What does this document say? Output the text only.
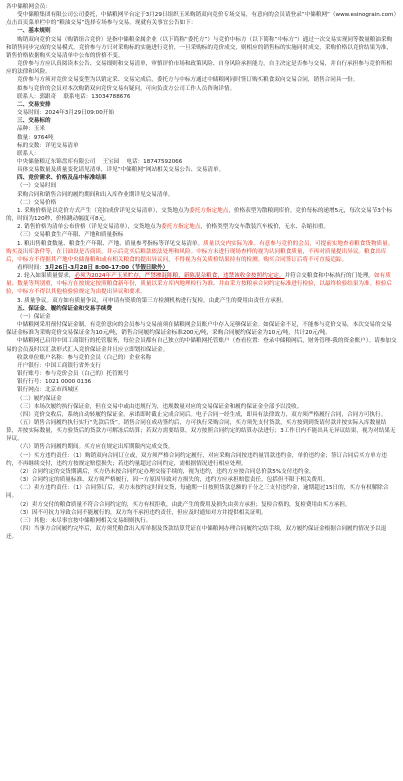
各中储粮网会员：

受中储粮集团有限公司公司委托，中储粮网平台定于3月29日组织玉米购销双向竞价专场交易，有意向的会员请登录“中储粮网”（www.esinograin.com）点击首页菜单栏中的“粮油交易”选择专场参与交易。现就有关事宜公告如下：

一、基本规则

购销双向竞价交易（购销组合竞价）是指中储粮金属企业（以下简称“委托方”）与竞价中标方（以下简称“中标方”）通过一次交易实现同等数量粮油采购和销售同步完成的交易模式。竞价参与方只对采购标的实施进行竞价，一旦采购标的竞价成交，则相应的销售标的实施同时成交，采购价格以竞价结果为准，销售价格依据购买交易清单中公布的价格不变。

竞价参与方应认真阅读本公告、交易细则和交易清单，审慎评价市场和政策风险、自身风险承担能力，自主决定是否参与交易，并自行承担参与竞价所相应的法律和风险。

竞价参与方须对竞价交易变型为以销定采、交易完成后，委托方与中标方通过中储粮网同时签订购买粮食双向交易合同，销售合同具一份。

拟参与竞价的会员对本次购销双向竞价交易有疑问，可向负责方公司工作人员咨询详情。

联系人：郭跟奇 联系电话：13034788676

二、交易安排

交易时间：2024年3月29日09:00开始

三、交易标的

品种：玉米

数量：9764吨

标的交数：详见交易清单

联系人：

中央储备粮辽东锦盘库有限公司 王宝园 电话：18747592066

具体交易数量及质量变化请见清单，详见“中储粮网”网站相关交易公告、交易清单。

四、竞价需求、价格及品中标准结果

（一）交易时间

采购合同和销售合同的履约期间和出入库作业期详见交易清单。

（二）交易价格

1. 采购价格是以竞价方式产生（竞拍成价详见交易清单），交货地点为委托方指定地点，价格表型为散粮到库价。竞价每标的递增5元，每次交易节3个标的，时间为120秒，价格跳动幅度可8元。

2. 销售价格为清单公布价格（详见交易清单），交货地点为委托方指定地点，价格类型为交车散装汽车板价，无水、杂缩扣重。

（三）交易粮食生产年限、产地和质量指标

1. 粮出售粮食数量、粮食生产年限、产地、质量参考指标等详见交易清单。质量以交内实际为准。有意参与竞价的会员，可提前实地查看粮食货物质量。购买及出库条件等，在日油设是否商谈，并示后竞买后粮款依法处理和风险。中标方未进行现场查样的视为认同粮食质量，不再对质量提出异议。粮食出库后，中标方不得据其产地中央储备粮和或有相关粮食的提出异议问，不得视为有关质检结果持有的检测。购买合同签订后将不可直接追踪。

看样时间：3月26日-3月28日 8:00-17:00（节假日除外）

2. 轮入如果质量要求，必须为2024年产玉米贮存，严禁掺混陈粮，新陈混杂粮食，违禁该收金按照约定定。并符合交粮食和中标执行的门处理。如有质量、数量等判别重，中标方在按规定按照粮食新年份，质量以采方库内地理检行为准。并由采方按粮承合同约定标准进行检验，以最终检验结果为准。检验后验，中标方不得以其他检验验规定为由提出异议和要求。

3. 质量争议。双方如有质量争议，可申请有资质的第三方检测机构进行复检，由此产生的费用由责任方承担。

五、保证金、履约保证金和交易手续费

（一）保证金

中储粮网采用预付保证金制，有竞价意向的会员参与交易前须在储粮网会员账户中存入足够保证金。如保证金不足，不能参与竞价交易，本次交易的交易保证金标准为采购竞价交易保证金为10元/吨，销售合同履约保证金标准200元/吨，采购合同履约保证金为10元/吨，共计20元/吨。

中储粮网已启用中国工商银行的托管服务，每位会员都有自己独立的中储粮网托管账户（查看位置：登录中储粮网后，财务管理-我的资金账户）。请参加交易的会员及时以汇款形式汇入竞价保证金并且应立即划扣保证金。

收款单位账户名称：参与竞价会员（白己的）企业名称

开户银行：中国工商银行省外支行

银行账号：参与竞价会员（白己的）托管账号

银行行号：1021 0000 0136

银行网点：北京市西城区

（二）履约保证金

（三）本场次履约执行保证金，但在交易中或由违规行为，违规数量对应的交易保证金和履约保证金全部予以没收。

（四）竞价交收后，系统自动转履约保证金，承诺即时截止完成合同后。电子合同一经生成，即具有法律效力，双方须严格履行合同，合同方可执行。

（五）销售合同履约执行实行“先款后货”。销售合同在成功签约后，方可执行采购合同，买方须先支付货款，买方按到到货请付款并按实际入库数量结算，并按实际数量，买方验货后的货款方可解冻后结算；若双方需要结算，双方按照合同约定的结算办法进行；3工作日内不能出具无异议结果，视为对结果无异议。

（六）销售合同履约期间。买方应在规定出库期限内完成交货。

（一）买方违约责任：（1）购销双向合同订立或，双方须严格合同约定履行，对应采购合同按违约量罚款违约金，单价违约金；签订合同后买方单方违约，不再继续交付，违约方按规定赔偿损失；若违约量超过合同约定，需根据情况进行相应处理。

（2）合同约定的交货期满后，买方仍未按合同约定办理交接手续的，视为违约，违约方应按合同总价款5%支付违约金。

（3）合同约定的质量标准、双方须严格履行，因一方原因导致对方损失的，违约方应承担赔偿责任，包括但不限于相关费用。

（二）卖方违约责任：（1）合同签订后，卖方未按约定时间交货，每逾期一日按照货款总额的千分之三支付违约金，逾期超过15日的，买方有权解除合同。

（2）卖方交付的粮食质量不符合合同约定的，买方有权拒收，由此产生的费用及损失由卖方承担；复检合格的，复检费用由买方承担。

（3）因不可抗力导致合同不能履行的，双方均不承担违约责任，但应及时通知对方并提供相关证明。

（三）其他：未尽事宜按中储粮网相关交易细则执行。

（四）当事方合同履约完毕后，双方须凭粮食出入库单据及货款结算凭证在中储粮网办理合同履约完结手续，双方履约保证金根据合同履约情况予以退还。
